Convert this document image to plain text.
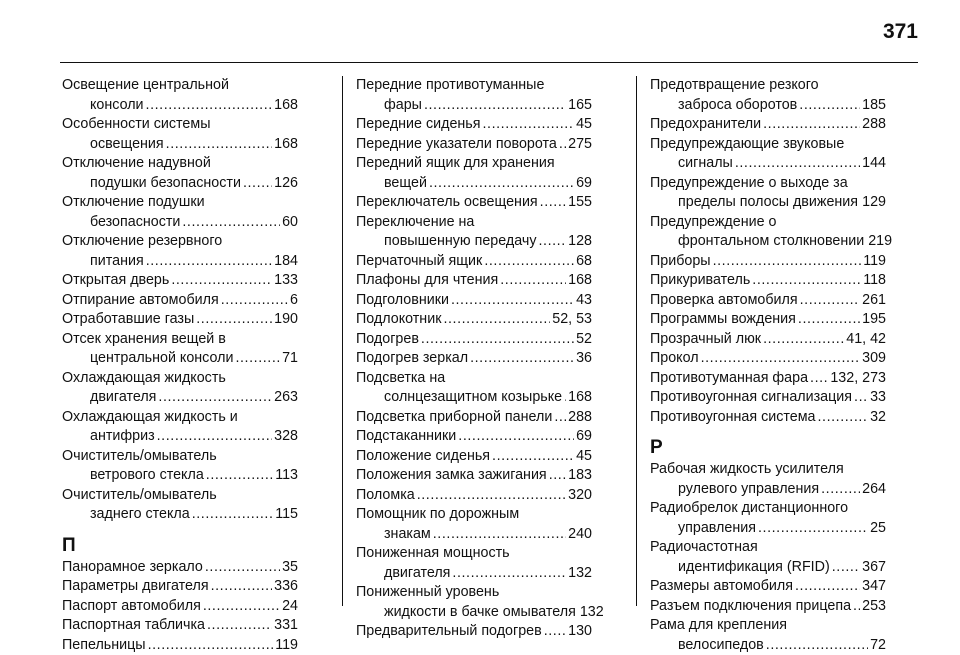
371
Освещение центральной
консоли . . .	168
Особенности системы
освещения . . .	168
Отключение надувной
подушки безопасности . . . 126
Отключение подушки
безопасности . . .	60
Отключение резервного
питания . . .	184
Открытая дверь . . .	133
Отпирание автомобиля . . .	6
Отработавшие газы . . .	190
Отсек хранения вещей в
центральной консоли . . .	71
Охлаждающая жидкость
двигателя . . .	263
Охлаждающая жидкость и
антифриз . . .	328
Очиститель/омыватель
ветрового стекла . . .	113
Очиститель/омыватель
заднего стекла . . .	115
П
Панорамное зеркало . . .	35
Параметры двигателя . . .	336
Паспорт автомобиля . . .	24
Паспортная табличка . . .	331
Пепельницы . . .	119
Передние противотуманные
фары . . .	165
Передние сиденья . . .	45
Передние указатели поворота . . . 275
Передний ящик для хранения
вещей . . .	69
Переключатель освещения . . . 155
Переключение на
повышенную передачу . . . 128
Перчаточный ящик . . .	68
Плафоны для чтения . . .	168
Подголовники . . .	43
Подлокотник . . .	52, 53
Подогрев . . .	52
Подогрев зеркал . . .	36
Подсветка на
солнцезащитном козырьке . . . 168
Подсветка приборной панели . . . 288
Подстаканники . . .	69
Положение сиденья . . .	45
Положения замка зажигания . . . 183
Поломка . . .	320
Помощник по дорожным
знакам . . .	240
Пониженная мощность
двигателя . . .	132
Пониженный уровень
жидкости в бачке омывателя 132
Предварительный подогрев . . . 130
Предотвращение резкого
заброса оборотов . . .	185
Предохранители . . .	288
Предупреждающие звуковые
сигналы . . .	144
Предупреждение о выходе за
пределы полосы движения . . . 129
Предупреждение о
фронтальном столкновении 219
Приборы . . .	119
Прикуриватель . . .	118
Проверка автомобиля . . .	261
Программы вождения . . .	195
Прозрачный люк . . .	41, 42
Прокол . . .	309
Противотуманная фара . . . 132, 273
Противоугонная сигнализация . . . 33
Противоугонная система . . .	32
Р
Рабочая жидкость усилителя
рулевого управления . . .	264
Радиобрелок дистанционного
управления . . .	25
Радиочастотная
идентификация (RFID) . . . 367
Размеры автомобиля . . .	347
Разъем подключения прицепа . . . 253
Рама для крепления
велосипедов . . .	72
